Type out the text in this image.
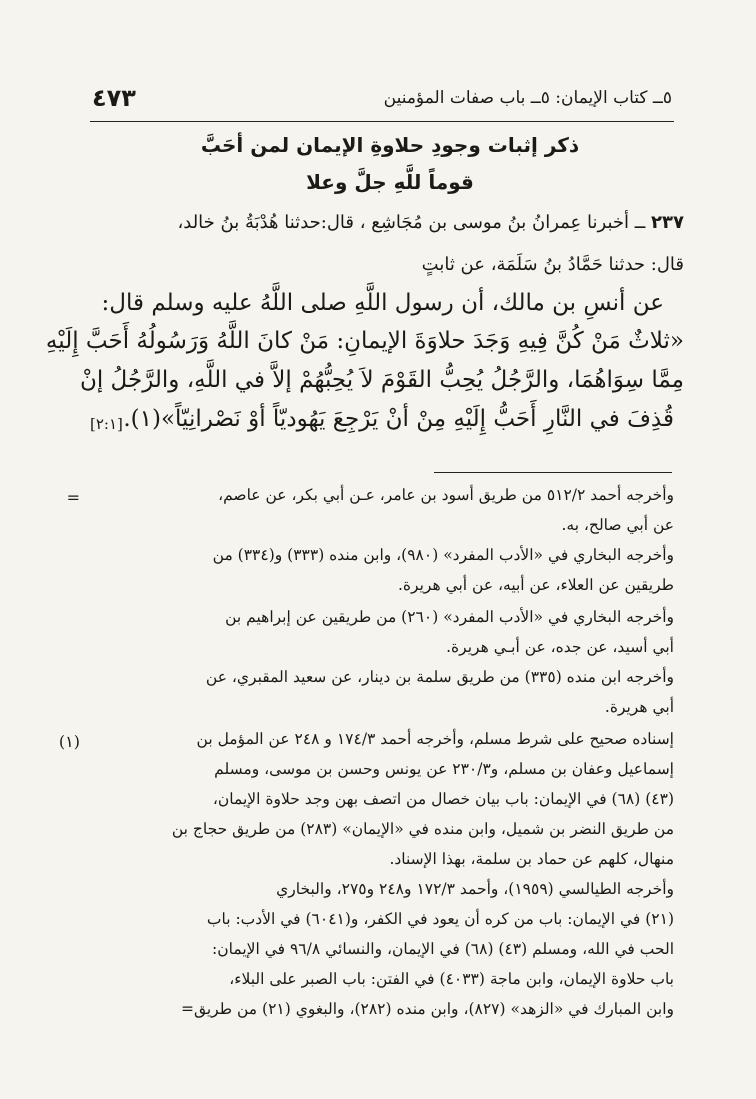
٤٧٣	٥ــ كتاب الإيمان: ٥ــ باب صفات المؤمنين
ذكر إثبات وجودِ حلاوةِ الإيمان لمن أحَبَّ
قوماً للَّهِ جلَّ وعلا
٢٣٧ ــ أخبرنا عِمرانُ بنُ موسى بن مُجَاشِع ، قال:حدثنا هُدْبَةُ بنُ خالد،
قال: حدثنا حَمَّادُ بنُ سَلَمَة، عن ثابتٍ
عن أنسِ بن مالك، أن رسول اللَّهِ صلى اللَّهُ عليه وسلم قال:
«ثلاثٌ مَنْ كُنَّ فِيهِ وَجَدَ حلاوَةَ الإيمانِ: مَنْ كانَ اللَّهُ وَرَسُولُهُ أَحَبَّ إِلَيْهِ
مِمَّا سِوَاهُمَا، والرَّجُلُ يُحِبُّ القَوْمَ لاَ يُحِبُّهُمْ إلاَّ في اللَّهِ، والرَّجُلُ إنْ
قُذِفَ في النَّارِ أَحَبُّ إِلَيْهِ مِنْ أنْ يَرْجِعَ يَهُوديّاً أوْ نَصْرانِيّاً»(١).
[٢:١]
=
(١)
وأخرجه أحمد ٥١٢/٢ من طريق أسود بن عامر، عـن أبي بكر، عن عاصم،
عن أبي صالح، به.
وأخرجه البخاري في «الأدب المفرد» (٩٨٠)، وابن منده (٣٣٣) و(٣٣٤) من
طريقين عن العلاء، عن أبيه، عن أبي هريرة.
وأخرجه البخاري في «الأدب المفرد» (٢٦٠) من طريقين عن إبراهيم بن
أبي أسيد، عن جده، عن أبـي هريرة.
وأخرجه ابن منده (٣٣٥) من طريق سلمة بن دينار، عن سعيد المقبري، عن
أبي هريرة.
إسناده صحيح على شرط مسلم، وأخرجه أحمد ١٧٤/٣ و ٢٤٨ عن المؤمل بن
إسماعيل وعفان بن مسلم، و٢٣٠/٣ عن يونس وحسن بن موسى، ومسلم
(٤٣) (٦٨) في الإيمان: باب بيان خصال من اتصف بهن وجد حلاوة الإيمان،
من طريق النضر بن شميل، وابن منده في «الإيمان» (٢٨٣) من طريق حجاج بن
منهال، كلهم عن حماد بن سلمة، بهذا الإسناد.
وأخرجه الطيالسي (١٩٥٩)، وأحمد ١٧٢/٣ و٢٤٨ و٢٧٥، والبخاري
(٢١) في الإيمان: باب من كره أن يعود في الكفر، و(٦٠٤١) في الأدب: باب
الحب في الله، ومسلم (٤٣) (٦٨) في الإيمان، والنسائي ٩٦/٨ في الإيمان:
باب حلاوة الإيمان، وابن ماجة (٤٠٣٣) في الفتن: باب الصبر على البلاء،
وابن المبارك في «الزهد» (٨٢٧)، وابن منده (٢٨٢)، والبغوي (٢١) من طريق=
